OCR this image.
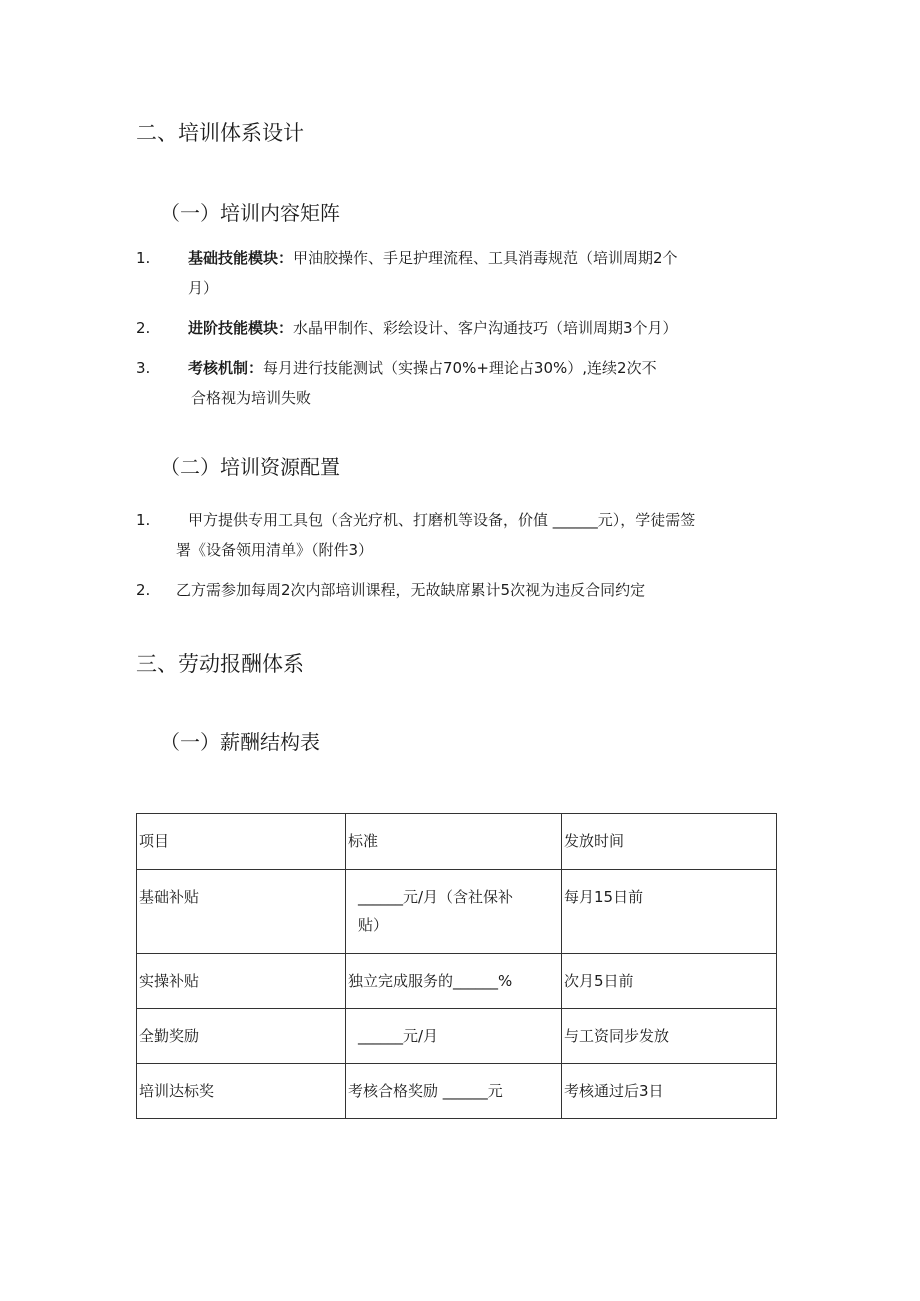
二、培训体系设计
（一）培训内容矩阵
1.	基础技能模块：甲油胶操作、手足护理流程、工具消毒规范（培训周期2个
月）
2.	进阶技能模块：水晶甲制作、彩绘设计、客户沟通技巧（培训周期3个月）
3.	考核机制：每月进行技能测试（实操占70%+理论占30%）,连续2次不
合格视为培训失败
（二）培训资源配置
1.	甲方提供专用工具包（含光疗机、打磨机等设备，价值 ______元），学徒需签
署《设备领用清单》（附件3）
2. 乙方需参加每周2次内部培训课程，无故缺席累计5次视为违反合同约定
三、劳动报酬体系
（一）薪酬结构表
项目	标准	发放时间

基础补贴	______元/月（含社保补
贴）	每月15日前

实操补贴	独立完成服务的______%	次月5日前

全勤奖励	______元/月	与工资同步发放

培训达标奖	考核合格奖励 ______元	考核通过后3日
